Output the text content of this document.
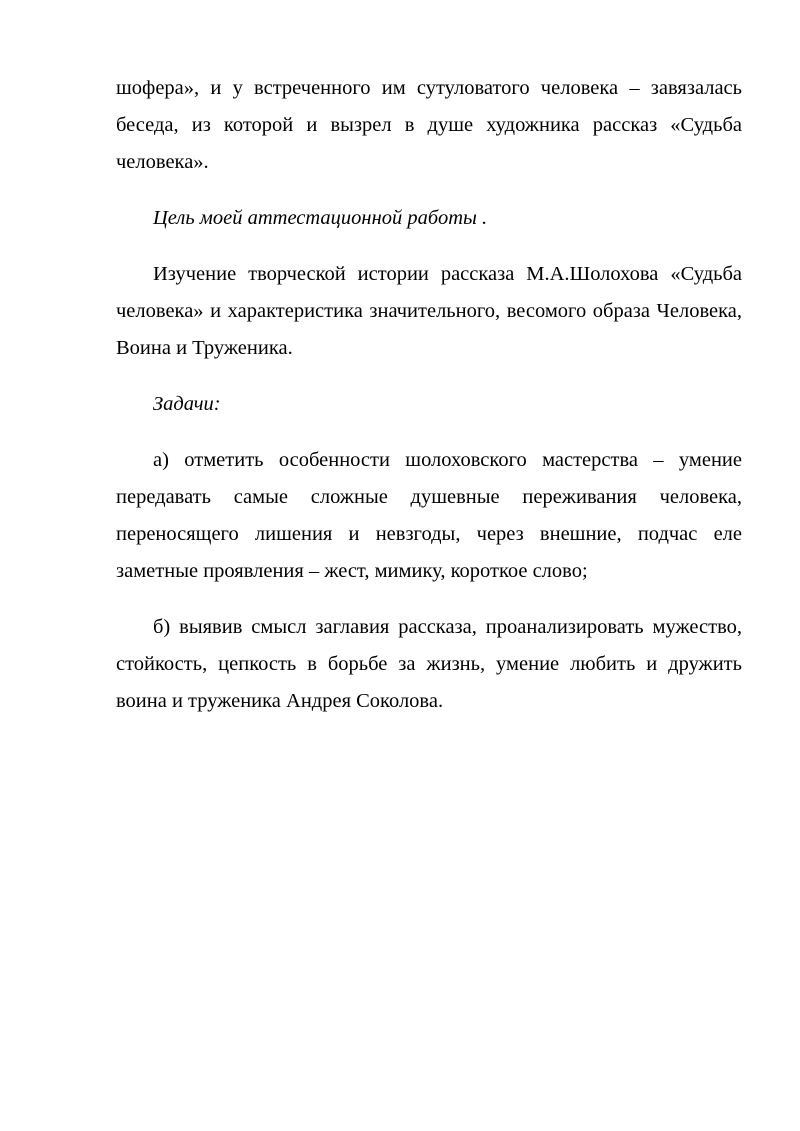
шофера», и у встреченного им сутуловатого человека – завязалась беседа, из которой и вызрел в душе художника рассказ «Судьба человека».

Цель моей аттестационной работы .

Изучение творческой истории рассказа М.А.Шолохова «Судьба человека» и характеристика значительного, весомого образа Человека, Воина и Труженика.

Задачи:

а) отметить особенности шолоховского мастерства – умение передавать самые сложные душевные переживания человека, переносящего лишения и невзгоды, через внешние, подчас еле заметные проявления – жест, мимику, короткое слово;

б) выявив смысл заглавия рассказа, проанализировать мужество, стойкость, цепкость в борьбе за жизнь, умение любить и дружить воина и труженика Андрея Соколова.
